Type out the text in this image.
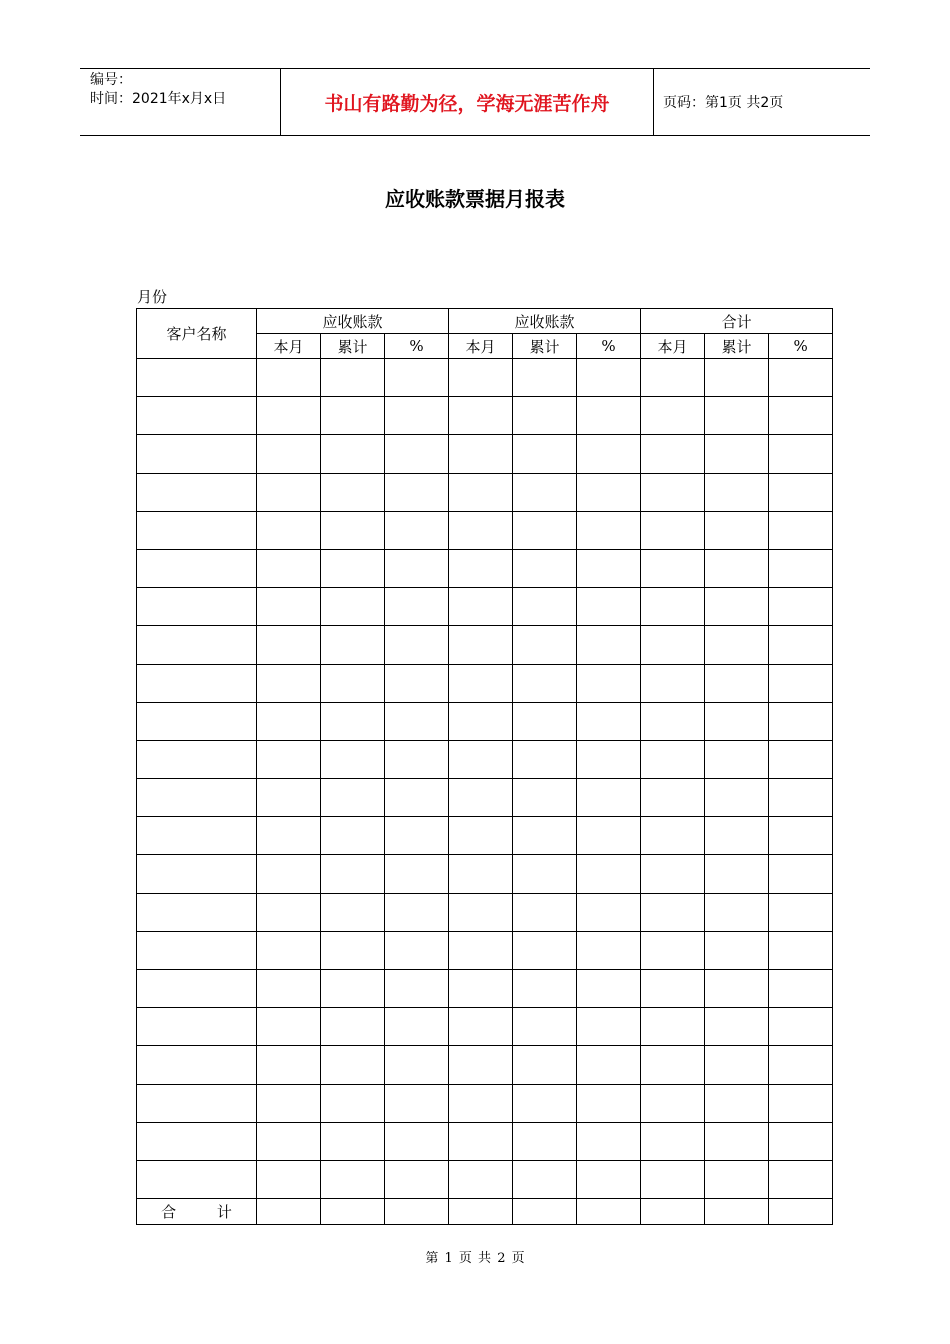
编号：
时间：2021年x月x日	书山有路勤为径，学海无涯苦作舟	页码：第1页 共2页
应收账款票据月报表
月份
客户名称	应收账款			应收账款			合计		
	本月	累计	%	本月	累计	%	本月	累计	%

合 计									
第 1 页 共 2 页
